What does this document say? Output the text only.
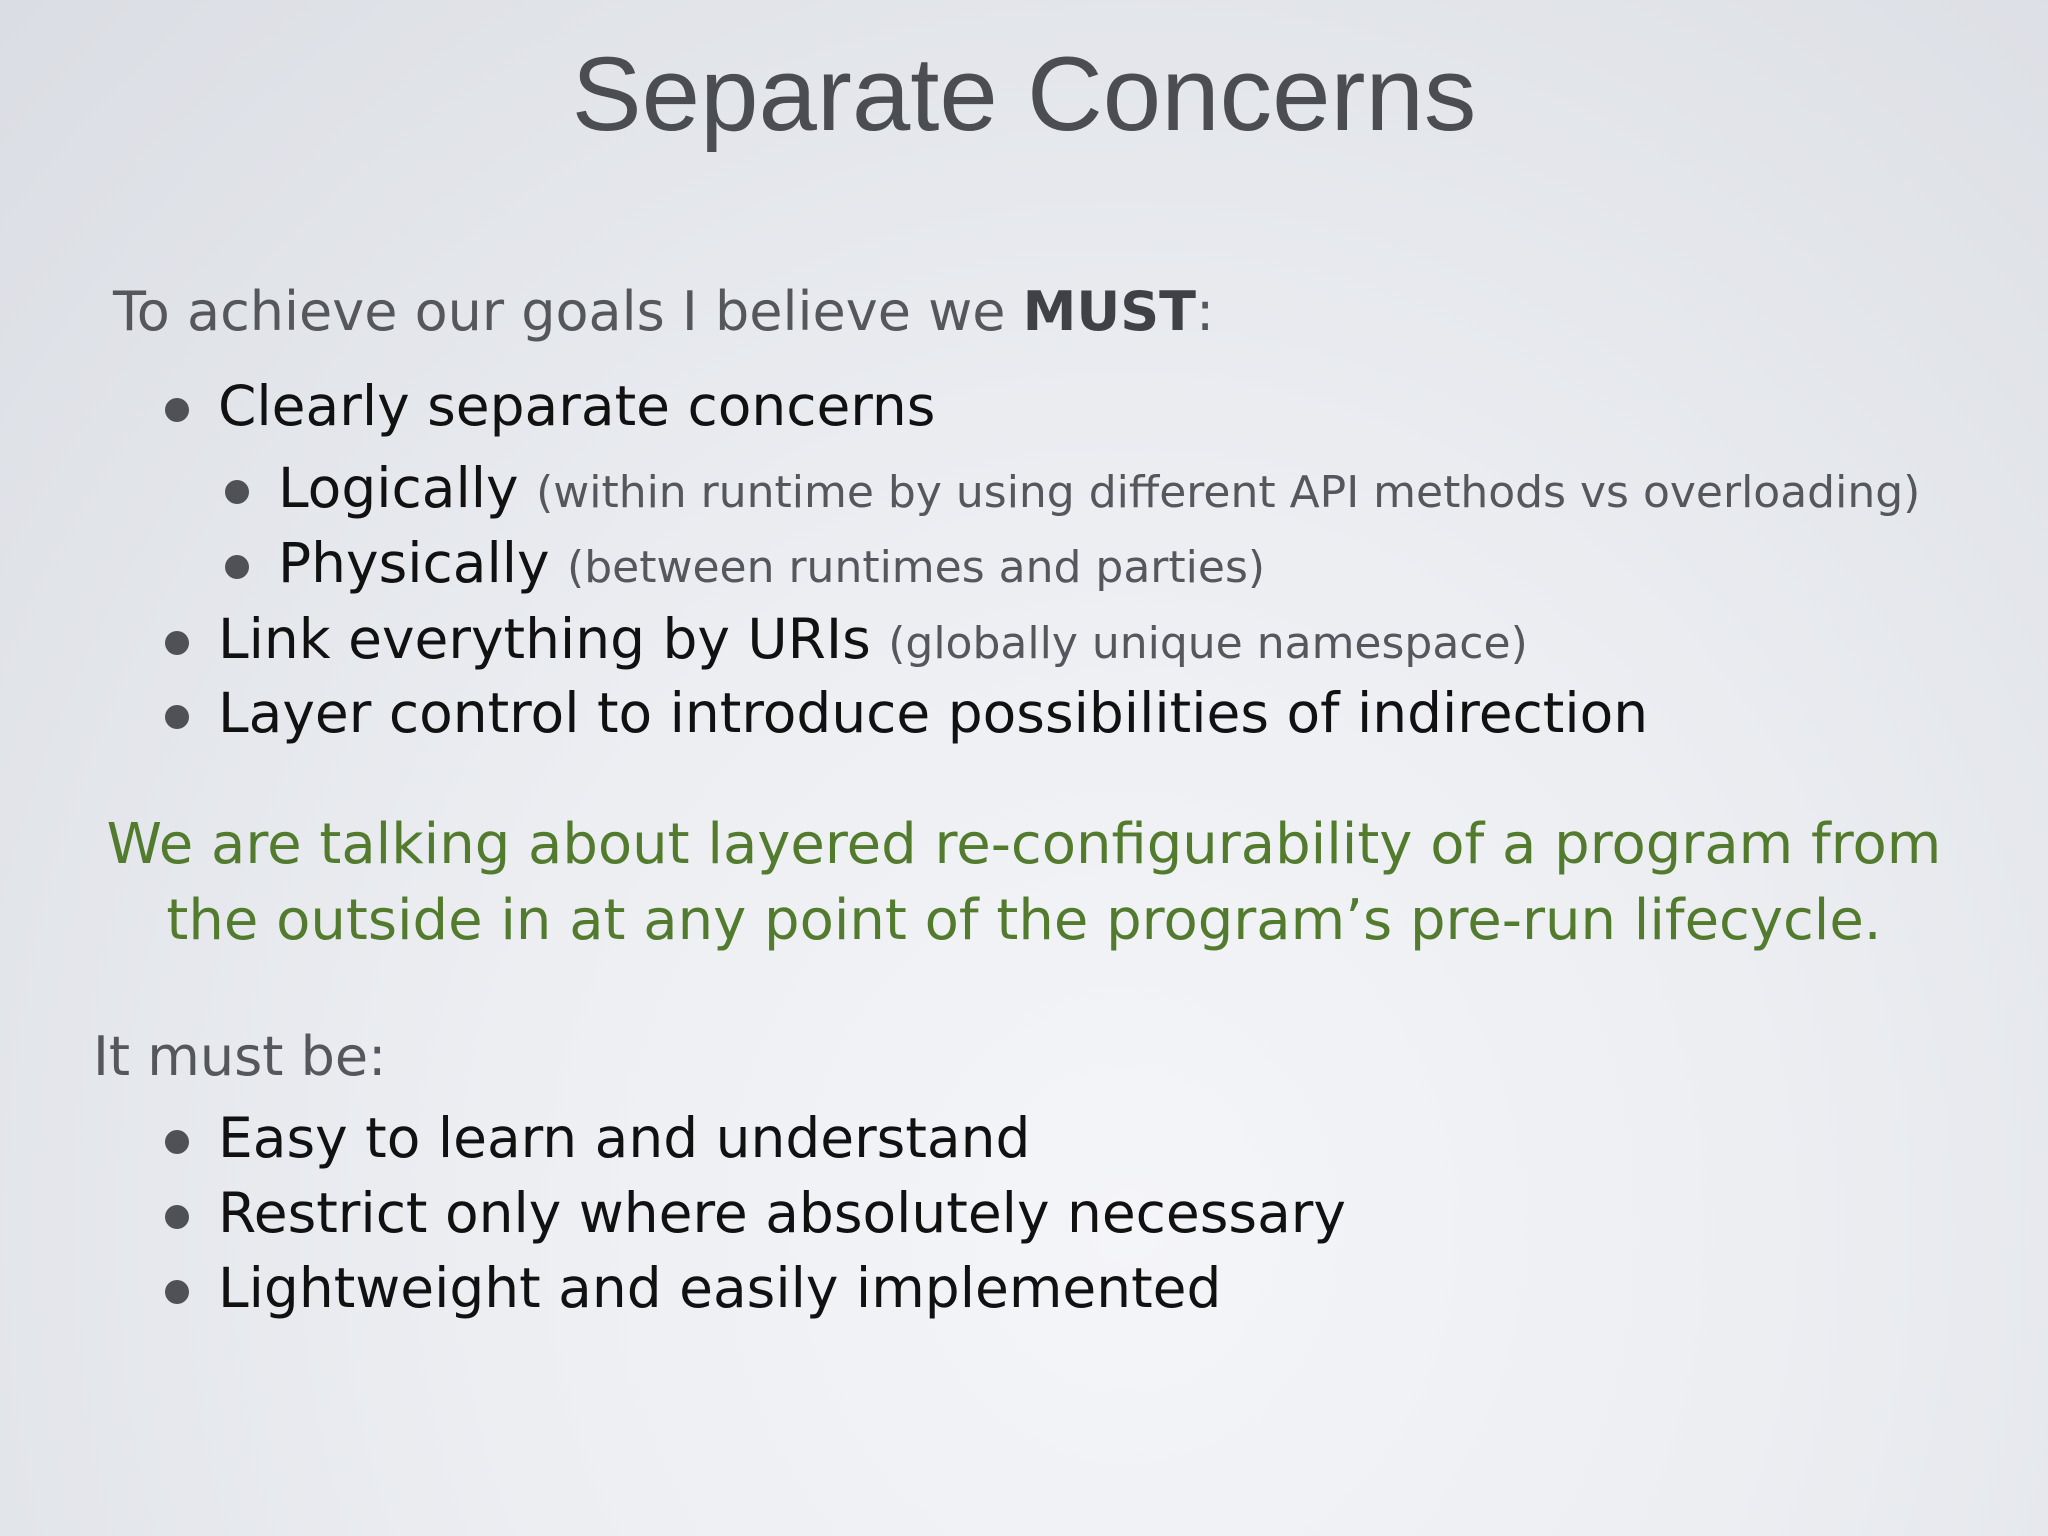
Separate Concerns
To achieve our goals I believe we MUST:
Clearly separate concerns
Logically (within runtime by using different API methods vs overloading)
Physically (between runtimes and parties)
Link everything by URIs (globally unique namespace)
Layer control to introduce possibilities of indirection
We are talking about layered re-configurability of a program from
the outside in at any point of the program’s pre-run lifecycle.
It must be:
Easy to learn and understand
Restrict only where absolutely necessary
Lightweight and easily implemented
